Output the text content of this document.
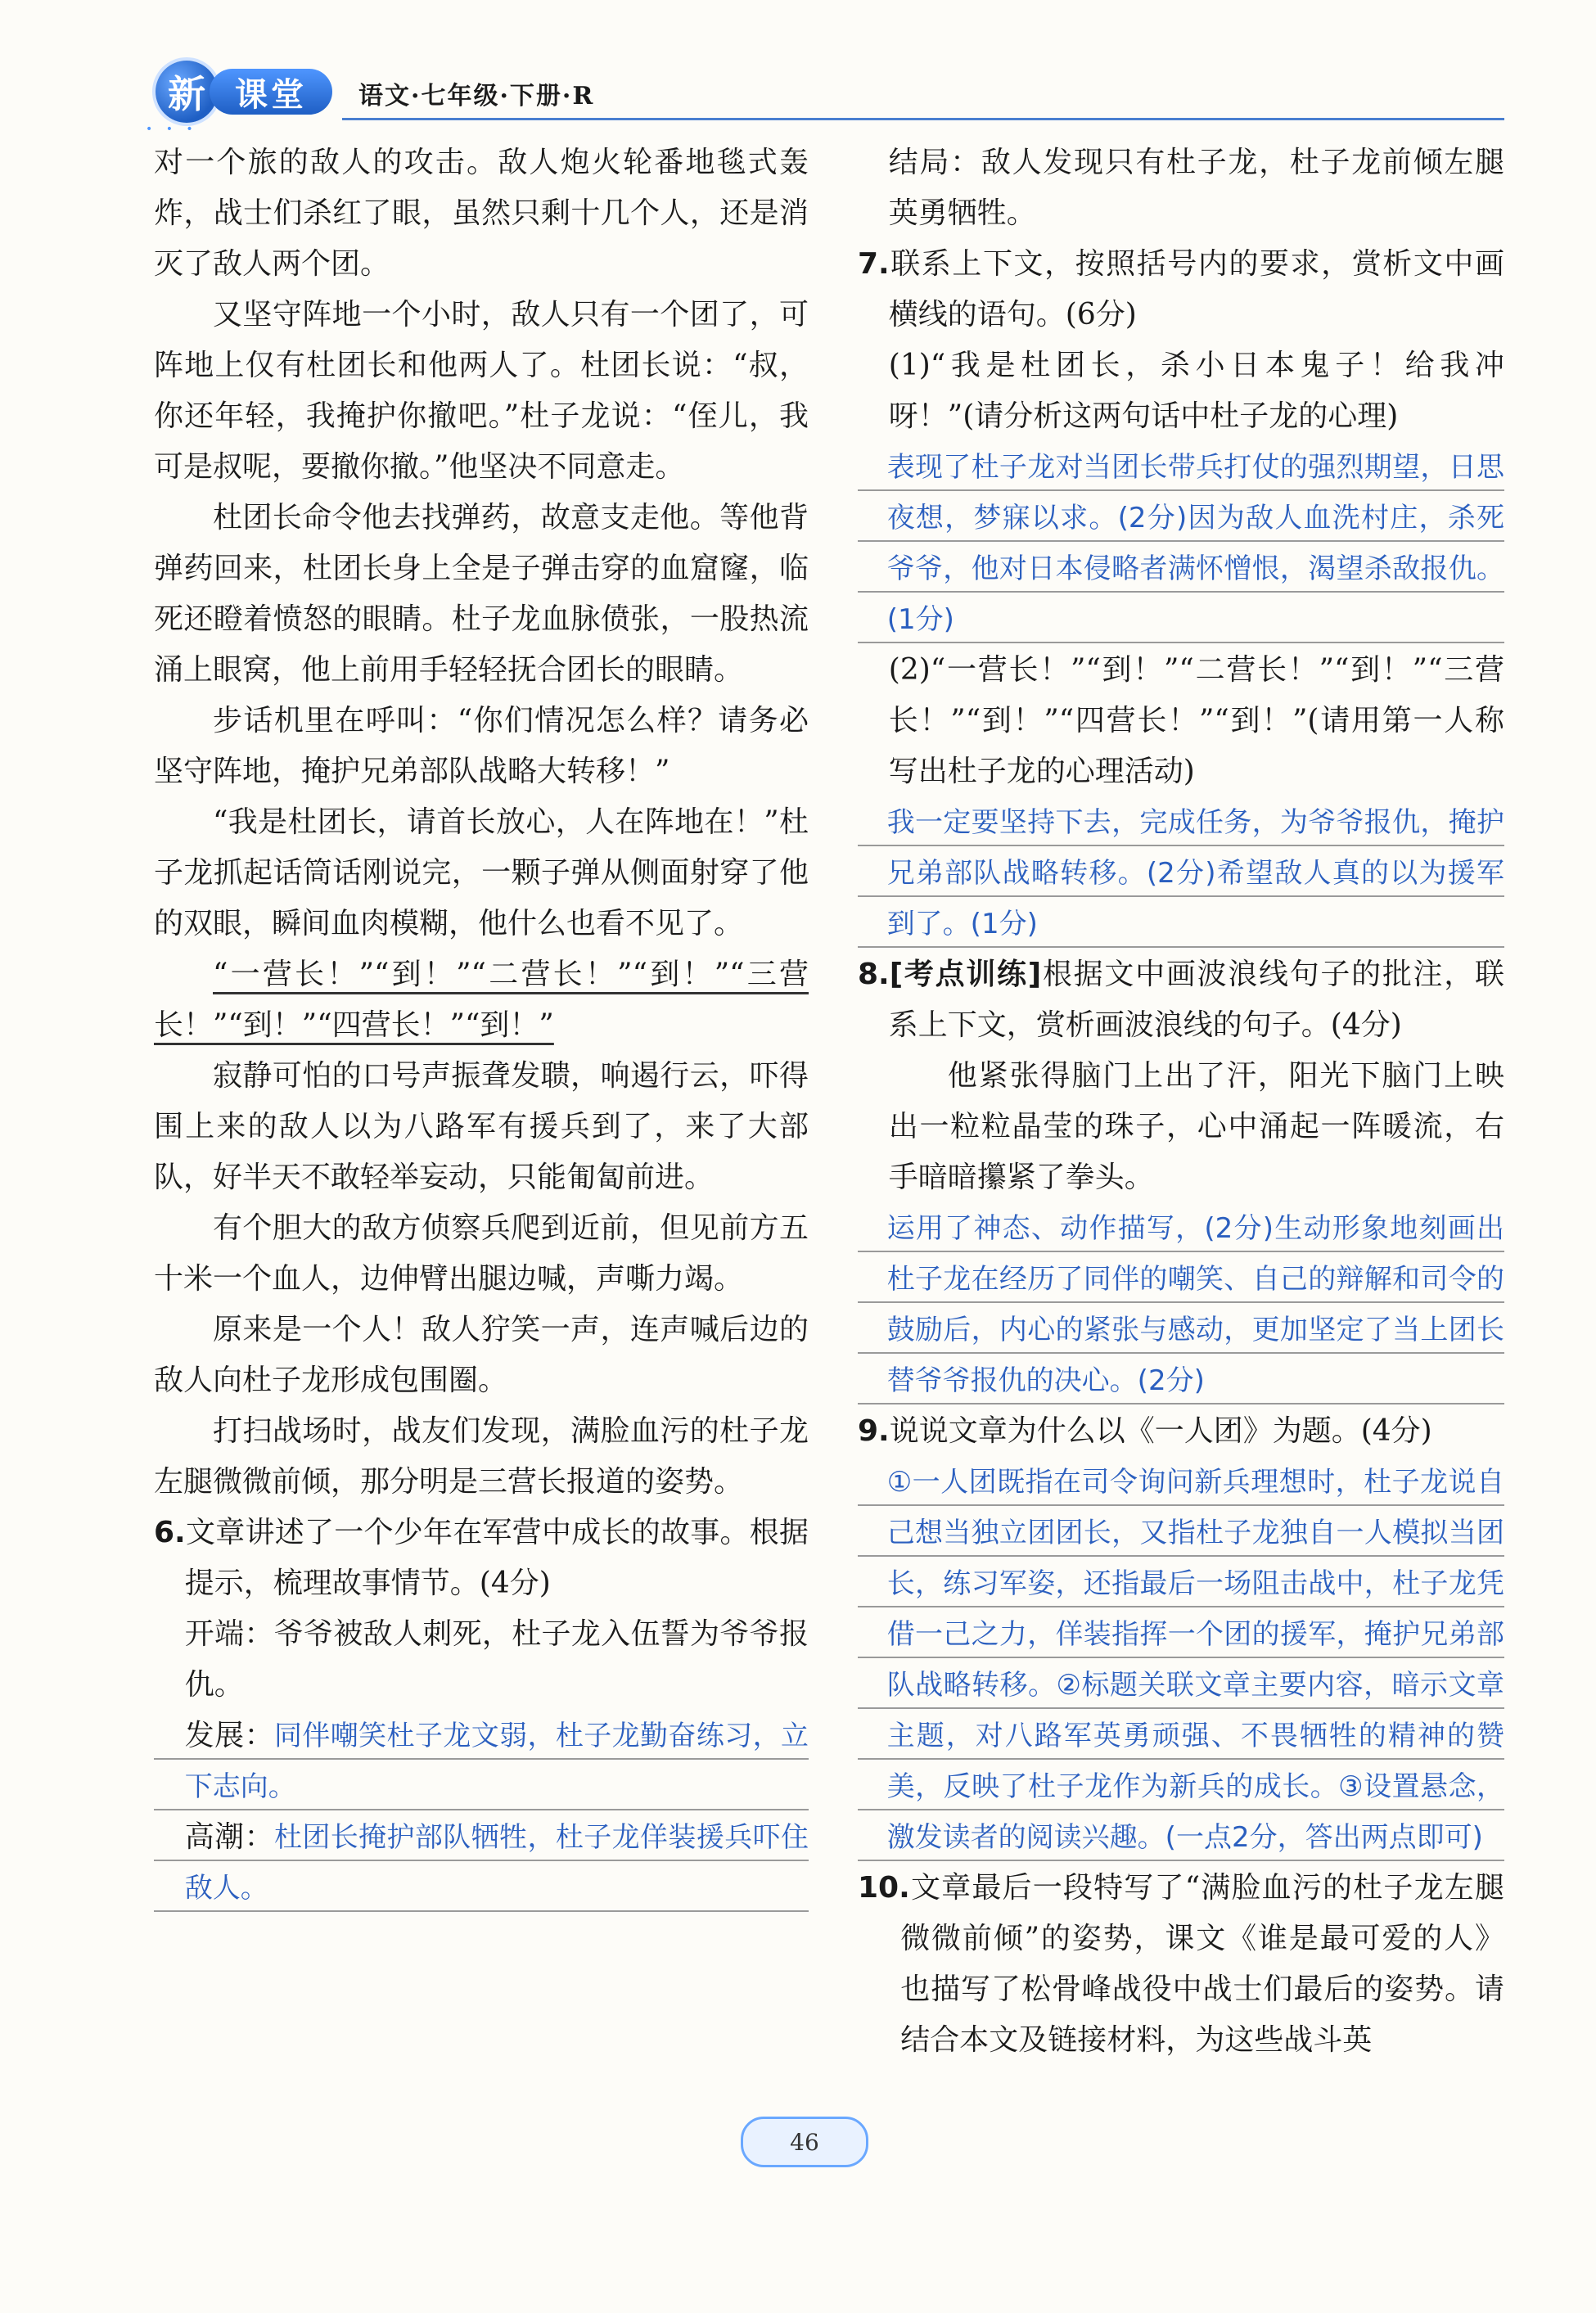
新 课堂
• • •
语文·七年级·下册·R

对一个旅的敌人的攻击。敌人炮火轮番地毯式轰炸，战士们杀红了眼，虽然只剩十几个人，还是消灭了敌人两个团。

又坚守阵地一个小时，敌人只有一个团了，可阵地上仅有杜团长和他两人了。杜团长说：“叔，你还年轻，我掩护你撤吧。”杜子龙说：“侄儿，我可是叔呢，要撤你撤。”他坚决不同意走。

杜团长命令他去找弹药，故意支走他。等他背弹药回来，杜团长身上全是子弹击穿的血窟窿，临死还瞪着愤怒的眼睛。杜子龙血脉偾张，一股热流涌上眼窝，他上前用手轻轻抚合团长的眼睛。

步话机里在呼叫：“你们情况怎么样？请务必坚守阵地，掩护兄弟部队战略大转移！”

“我是杜团长，请首长放心，人在阵地在！”杜子龙抓起话筒话刚说完，一颗子弹从侧面射穿了他的双眼，瞬间血肉模糊，他什么也看不见了。

“一营长！”“到！”“二营长！”“到！”“三营长！”“到！”“四营长！”“到！”

寂静可怕的口号声振聋发聩，响遏行云，吓得围上来的敌人以为八路军有援兵到了，来了大部队，好半天不敢轻举妄动，只能匍匐前进。

有个胆大的敌方侦察兵爬到近前，但见前方五十米一个血人，边伸臂出腿边喊，声嘶力竭。

原来是一个人！敌人狞笑一声，连声喊后边的敌人向杜子龙形成包围圈。

打扫战场时，战友们发现，满脸血污的杜子龙左腿微微前倾，那分明是三营长报道的姿势。

6.文章讲述了一个少年在军营中成长的故事。根据提示，梳理故事情节。(4分)

开端：爷爷被敌人刺死，杜子龙入伍誓为爷爷报仇。

发展：同伴嘲笑杜子龙文弱，杜子龙勤奋练习，立下志向。

高潮：杜团长掩护部队牺牲，杜子龙佯装援兵吓住敌人。

结局：敌人发现只有杜子龙，杜子龙前倾左腿英勇牺牲。

7.联系上下文，按照括号内的要求，赏析文中画横线的语句。(6分)

(1)“我是杜团长，杀小日本鬼子！给我冲呀！”(请分析这两句话中杜子龙的心理)

表现了杜子龙对当团长带兵打仗的强烈期望，日思夜想，梦寐以求。(2分)因为敌人血洗村庄，杀死爷爷，他对日本侵略者满怀憎恨，渴望杀敌报仇。(1分)

(2)“一营长！”“到！”“二营长！”“到！”“三营长！”“到！”“四营长！”“到！”(请用第一人称写出杜子龙的心理活动)

我一定要坚持下去，完成任务，为爷爷报仇，掩护兄弟部队战略转移。(2分)希望敌人真的以为援军到了。(1分)

8.[考点训练]根据文中画波浪线句子的批注，联系上下文，赏析画波浪线的句子。(4分)

他紧张得脑门上出了汗，阳光下脑门上映出一粒粒晶莹的珠子，心中涌起一阵暖流，右手暗暗攥紧了拳头。

运用了神态、动作描写，(2分)生动形象地刻画出杜子龙在经历了同伴的嘲笑、自己的辩解和司令的鼓励后，内心的紧张与感动，更加坚定了当上团长替爷爷报仇的决心。(2分)

9.说说文章为什么以《一人团》为题。(4分)

①一人团既指在司令询问新兵理想时，杜子龙说自己想当独立团团长，又指杜子龙独自一人模拟当团长，练习军姿，还指最后一场阻击战中，杜子龙凭借一己之力，佯装指挥一个团的援军，掩护兄弟部队战略转移。②标题关联文章主要内容，暗示文章主题，对八路军英勇顽强、不畏牺牲的精神的赞美，反映了杜子龙作为新兵的成长。③设置悬念，激发读者的阅读兴趣。(一点2分，答出两点即可)

10.文章最后一段特写了“满脸血污的杜子龙左腿微微前倾”的姿势，课文《谁是最可爱的人》也描写了松骨峰战役中战士们最后的姿势。请结合本文及链接材料，为这些战斗英

46
